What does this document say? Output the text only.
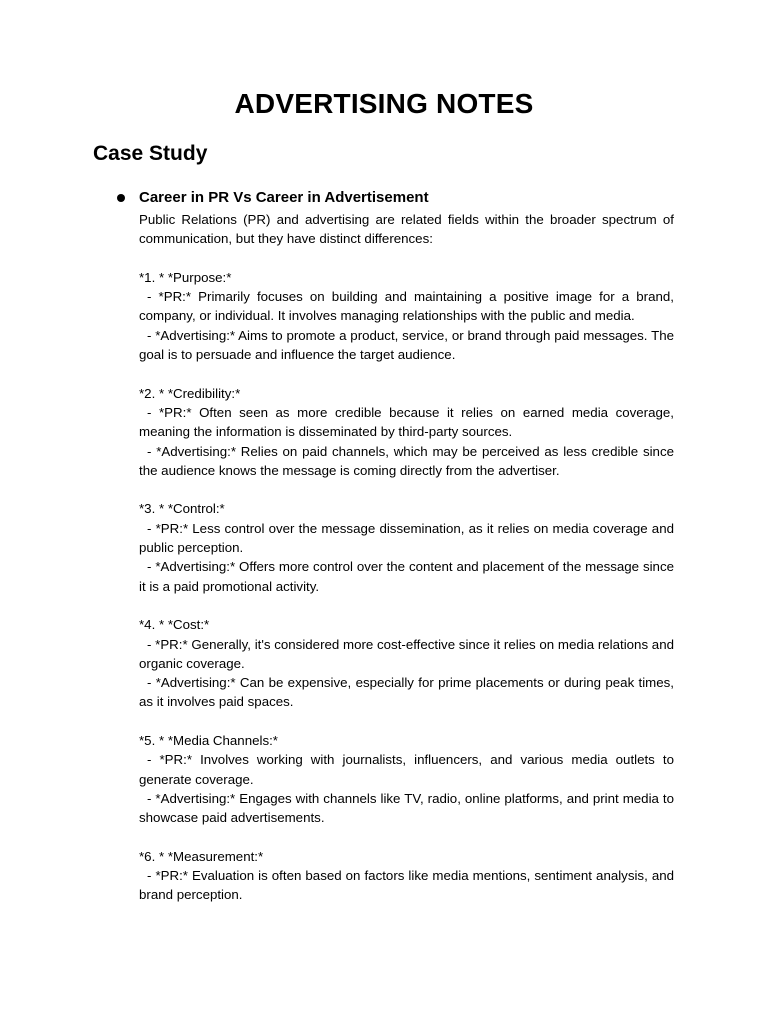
ADVERTISING NOTES
Case Study

Career in PR Vs Career in Advertisement

Public Relations (PR) and advertising are related fields within the broader spectrum of communication, but they have distinct differences:

*1. * *Purpose:*

- *PR:* Primarily focuses on building and maintaining a positive image for a brand, company, or individual. It involves managing relationships with the public and media.

- *Advertising:* Aims to promote a product, service, or brand through paid messages. The goal is to persuade and influence the target audience.

*2. * *Credibility:*

- *PR:* Often seen as more credible because it relies on earned media coverage, meaning the information is disseminated by third-party sources.

- *Advertising:* Relies on paid channels, which may be perceived as less credible since the audience knows the message is coming directly from the advertiser.

*3. * *Control:*

- *PR:* Less control over the message dissemination, as it relies on media coverage and public perception.

- *Advertising:* Offers more control over the content and placement of the message since it is a paid promotional activity.

*4. * *Cost:*

- *PR:* Generally, it's considered more cost-effective since it relies on media relations and organic coverage.

- *Advertising:* Can be expensive, especially for prime placements or during peak times, as it involves paid spaces.

*5. * *Media Channels:*

- *PR:* Involves working with journalists, influencers, and various media outlets to generate coverage.

- *Advertising:* Engages with channels like TV, radio, online platforms, and print media to showcase paid advertisements.

*6. * *Measurement:*

- *PR:* Evaluation is often based on factors like media mentions, sentiment analysis, and brand perception.
